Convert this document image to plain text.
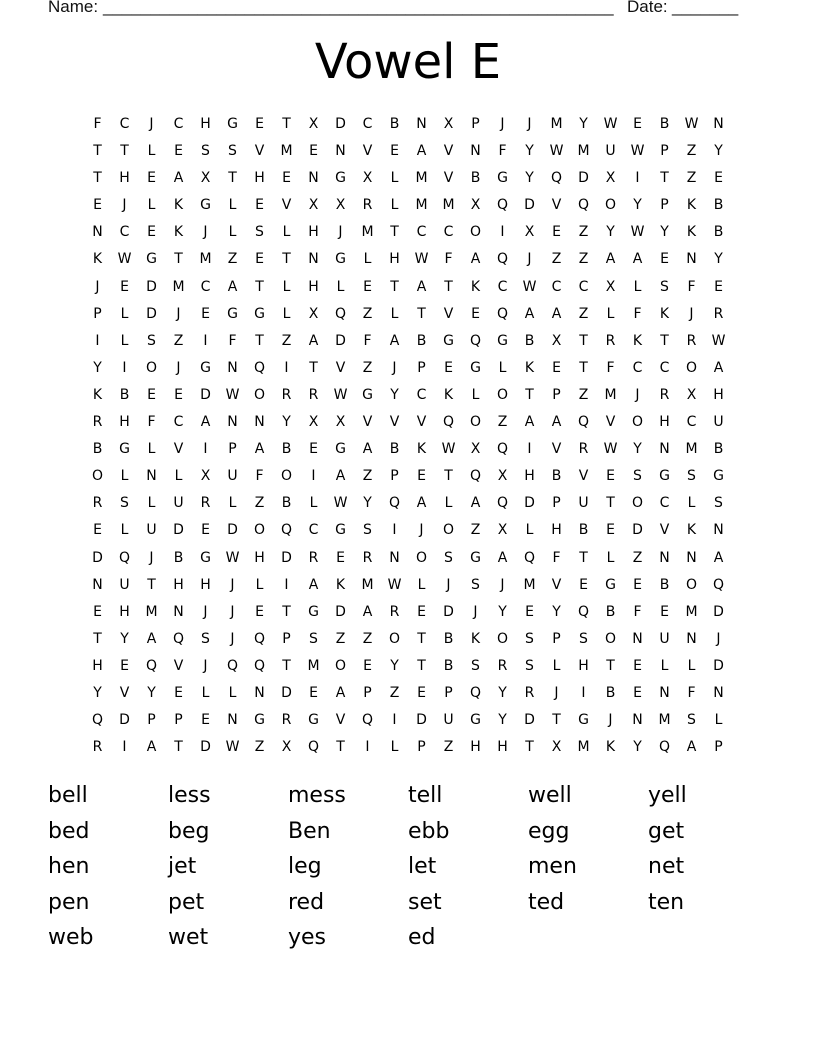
Name: ______________________________________________________ Date: _______
Vowel E
F	C	J	C	H	G	E	T	X	D	C	B	N	X	P	J	J	M	Y	W	E	B	W	N
T	T	L	E	S	S	V	M	E	N	V	E	A	V	N	F	Y	W	M	U	W	P	Z	Y
T	H	E	A	X	T	H	E	N	G	X	L	M	V	B	G	Y	Q	D	X	I	T	Z	E
E	J	L	K	G	L	E	V	X	X	R	L	M	M	X	Q	D	V	Q	O	Y	P	K	B
N	C	E	K	J	L	S	L	H	J	M	T	C	C	O	I	X	E	Z	Y	W	Y	K	B
K	W	G	T	M	Z	E	T	N	G	L	H	W	F	A	Q	J	Z	Z	A	A	E	N	Y
J	E	D	M	C	A	T	L	H	L	E	T	A	T	K	C	W	C	C	X	L	S	F	E
P	L	D	J	E	G	G	L	X	Q	Z	L	T	V	E	Q	A	A	Z	L	F	K	J	R
I	L	S	Z	I	F	T	Z	A	D	F	A	B	G	Q	G	B	X	T	R	K	T	R	W
Y	I	O	J	G	N	Q	I	T	V	Z	J	P	E	G	L	K	E	T	F	C	C	O	A
K	B	E	E	D	W	O	R	R	W	G	Y	C	K	L	O	T	P	Z	M	J	R	X	H
R	H	F	C	A	N	N	Y	X	X	V	V	V	Q	O	Z	A	A	Q	V	O	H	C	U
B	G	L	V	I	P	A	B	E	G	A	B	K	W	X	Q	I	V	R	W	Y	N	M	B
O	L	N	L	X	U	F	O	I	A	Z	P	E	T	Q	X	H	B	V	E	S	G	S	G
R	S	L	U	R	L	Z	B	L	W	Y	Q	A	L	A	Q	D	P	U	T	O	C	L	S
E	L	U	D	E	D	O	Q	C	G	S	I	J	O	Z	X	L	H	B	E	D	V	K	N
D	Q	J	B	G	W	H	D	R	E	R	N	O	S	G	A	Q	F	T	L	Z	N	N	A
N	U	T	H	H	J	L	I	A	K	M	W	L	J	S	J	M	V	E	G	E	B	O	Q
E	H	M	N	J	J	E	T	G	D	A	R	E	D	J	Y	E	Y	Q	B	F	E	M	D
T	Y	A	Q	S	J	Q	P	S	Z	Z	O	T	B	K	O	S	P	S	O	N	U	N	J
H	E	Q	V	J	Q	Q	T	M	O	E	Y	T	B	S	R	S	L	H	T	E	L	L	D
Y	V	Y	E	L	L	N	D	E	A	P	Z	E	P	Q	Y	R	J	I	B	E	N	F	N
Q	D	P	P	E	N	G	R	G	V	Q	I	D	U	G	Y	D	T	G	J	N	M	S	L
R	I	A	T	D	W	Z	X	Q	T	I	L	P	Z	H	H	T	X	M	K	Y	Q	A	P
bell	less	mess	tell	well	yell
bed	beg	Ben	ebb	egg	get
hen	jet	leg	let	men	net
pen	pet	red	set	ted	ten
web	wet	yes	ed
